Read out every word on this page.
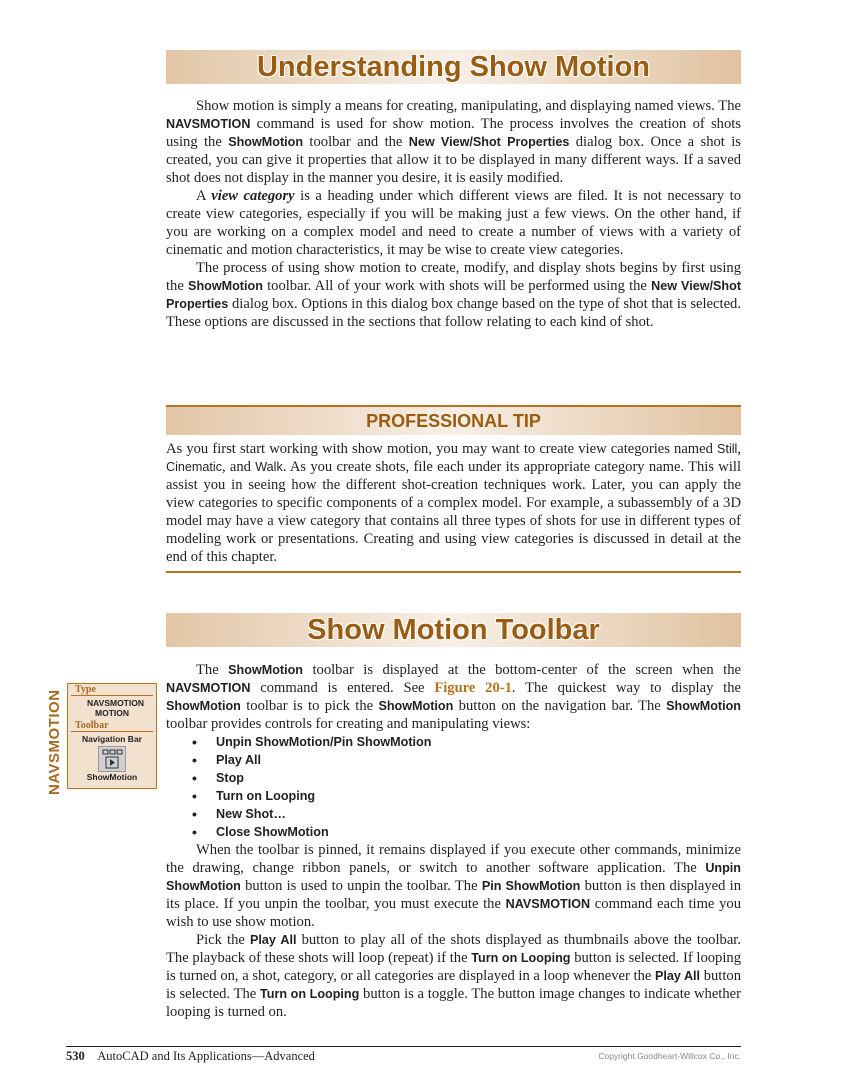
Understanding Show Motion

Show motion is simply a means for creating, manipulating, and displaying named views. The NAVSMOTION command is used for show motion. The process involves the creation of shots using the ShowMotion toolbar and the New View/Shot Properties dialog box. Once a shot is created, you can give it properties that allow it to be displayed in many different ways. If a saved shot does not display in the manner you desire, it is easily modified.

A view category is a heading under which different views are filed. It is not necessary to create view categories, especially if you will be making just a few views. On the other hand, if you are working on a complex model and need to create a number of views with a variety of cinematic and motion characteristics, it may be wise to create view categories.

The process of using show motion to create, modify, and display shots begins by first using the ShowMotion toolbar. All of your work with shots will be performed using the New View/Shot Properties dialog box. Options in this dialog box change based on the type of shot that is selected. These options are discussed in the sections that follow relating to each kind of shot.

PROFESSIONAL TIP

As you first start working with show motion, you may want to create view categories named Still, Cinematic, and Walk. As you create shots, file each under its appropriate category name. This will assist you in seeing how the different shot-creation techniques work. Later, you can apply the view categories to specific components of a complex model. For example, a subassembly of a 3D model may have a view category that contains all three types of shots for use in different types of modeling work or presentations. Creating and using view categories is discussed in detail at the end of this chapter.

Show Motion Toolbar

The ShowMotion toolbar is displayed at the bottom-center of the screen when the NAVSMOTION command is entered. See Figure 20-1. The quickest way to display the ShowMotion toolbar is to pick the ShowMotion button on the navigation bar. The ShowMotion toolbar provides controls for creating and manipulating views:

• Unpin ShowMotion/Pin ShowMotion
• Play All
• Stop
• Turn on Looping
• New Shot…
• Close ShowMotion

When the toolbar is pinned, it remains displayed if you execute other commands, minimize the drawing, change ribbon panels, or switch to another software application. The Unpin ShowMotion button is used to unpin the toolbar. The Pin ShowMotion button is then displayed in its place. If you unpin the toolbar, you must execute the NAVSMOTION command each time you wish to use show motion.

Pick the Play All button to play all of the shots displayed as thumbnails above the toolbar. The playback of these shots will loop (repeat) if the Turn on Looping button is selected. If looping is turned on, a shot, category, or all categories are displayed in a loop whenever the Play All button is selected. The Turn on Looping button is a toggle. The button image changes to indicate whether looping is turned on.

NAVSMOTION	Type
NAVSMOTION MOTION
Toolbar
Navigation Bar
ShowMotion
530 AutoCAD and Its Applications—Advanced	Copyright Goodheart-Willcox Co., Inc.
